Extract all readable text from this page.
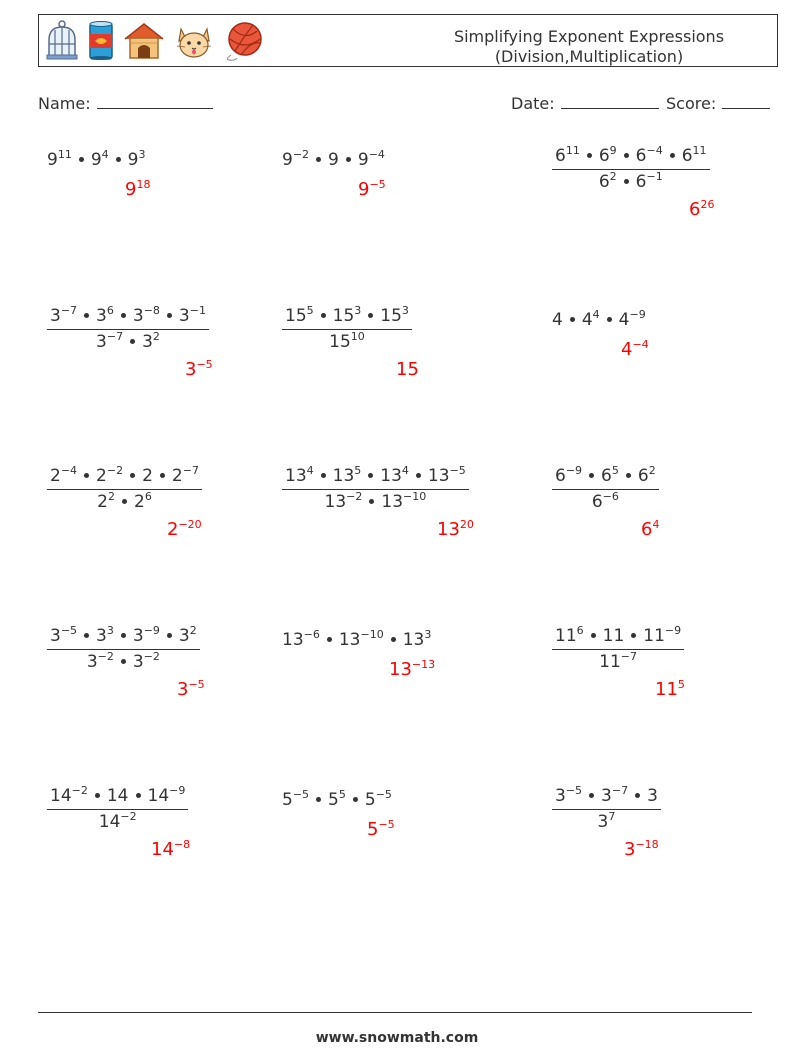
Simplifying Exponent Expressions
(Division,Multiplication)
Name:	Date:	Score:
$9^{11}$ $9^4$ $9^3$
$9^{18}$
$9^{-2}$ 9 $9^{-4}$
$9^{-5}$	$\frac{6^{11} 6^9 6^{-4} 6^{11}}{6^2 6^{-1}}$
$6^{26}$
$\frac{3^{-7} 3^6 3^{-8} 3^{-1}}{3^{-7} 3^2}$
$3^{-5}$
$\frac{15^5 15^3 15^3}{15^{10}}$
15
4 $4^4$ $4^{-9}$
$4^{-4}$
$\frac{2^{-4} 2^{-2} 2 2^{-7}}{2^2 2^6}$
$2^{-20}$
$\frac{13^4 13^5 13^4 13^{-5}}{13^{-2} 13^{-10}}$
$13^{20}$
$\frac{6^{-9} 6^5 6^2}{6^{-6}}$
$6^4$
$\frac{3^{-5} 3^3 3^{-9} 3^2}{3^{-2} 3^{-2}}$
$3^{-5}$
$13^{-6}$ $13^{-10}$ $13^3$
$13^{-13}$	$\frac{11^6 11 11^{-9}}{11^{-7}}$
$11^5$
$\frac{14^{-2} 14 14^{-9}}{14^{-2}}$
$14^{-8}$
$5^{-5}$ $5^5$ $5^{-5}$
$5^{-5}$	$\frac{3^{-5} 3^{-7} 3}{3^7}$
$3^{-18}$
www.snowmath.com
